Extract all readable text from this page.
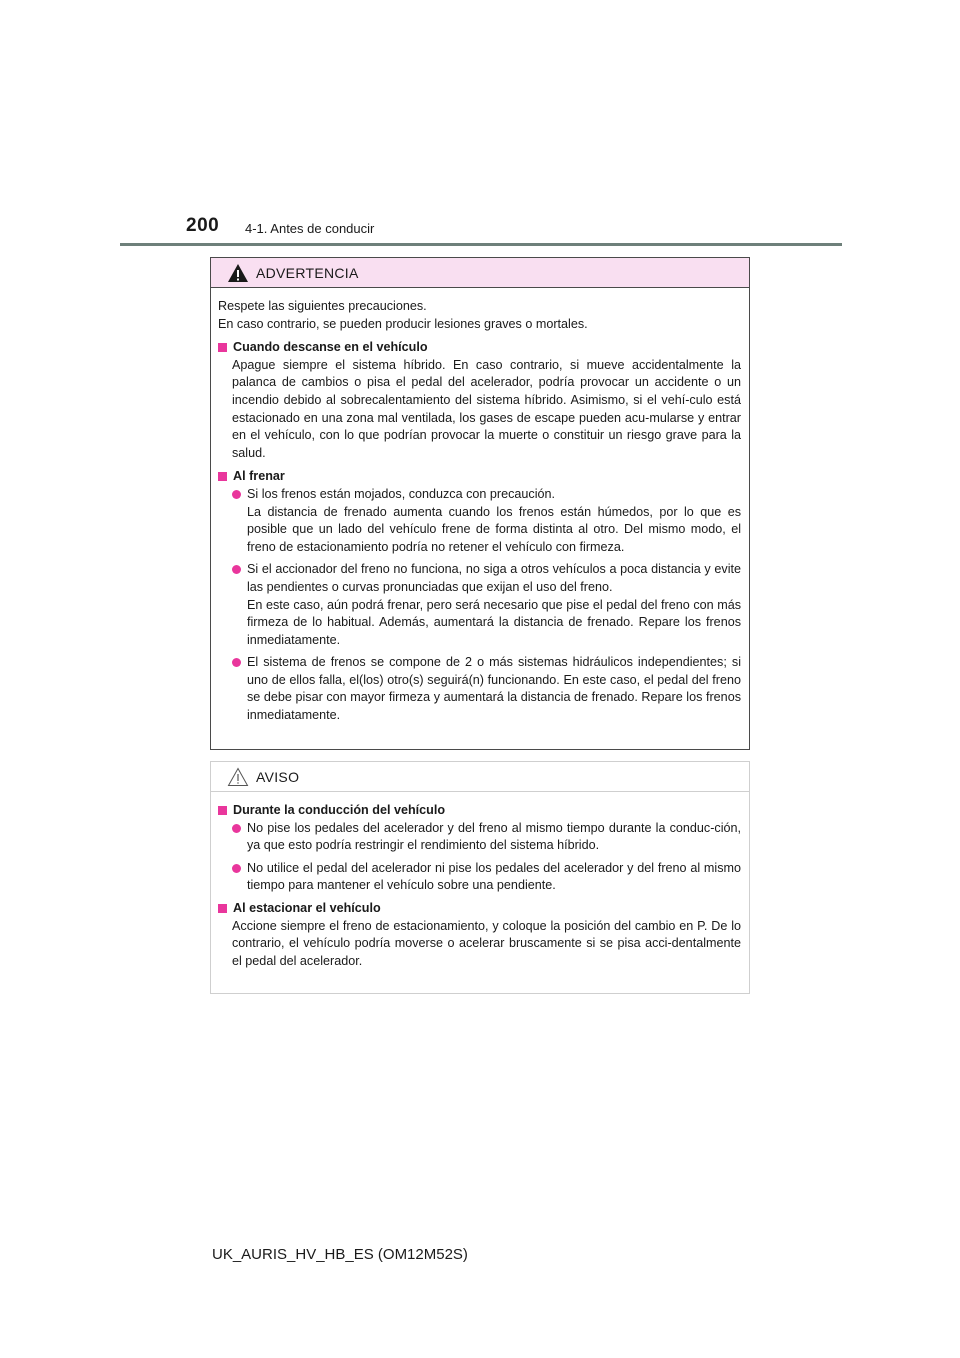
200 4-1. Antes de conducir
ADVERTENCIA

Respete las siguientes precauciones.

En caso contrario, se pueden producir lesiones graves o mortales.

Cuando descanse en el vehículo

Apague siempre el sistema híbrido. En caso contrario, si mueve accidentalmente la palanca de cambios o pisa el pedal del acelerador, podría provocar un accidente o un incendio debido al sobrecalentamiento del sistema híbrido. Asimismo, si el vehí-culo está estacionado en una zona mal ventilada, los gases de escape pueden acu-mularse y entrar en el vehículo, con lo que podrían provocar la muerte o constituir un riesgo grave para la salud.

Al frenar

Si los frenos están mojados, conduzca con precaución.

La distancia de frenado aumenta cuando los frenos están húmedos, por lo que es posible que un lado del vehículo frene de forma distinta al otro. Del mismo modo, el freno de estacionamiento podría no retener el vehículo con firmeza.

Si el accionador del freno no funciona, no siga a otros vehículos a poca distancia y evite las pendientes o curvas pronunciadas que exijan el uso del freno.

En este caso, aún podrá frenar, pero será necesario que pise el pedal del freno con más firmeza de lo habitual. Además, aumentará la distancia de frenado. Repare los frenos inmediatamente.

El sistema de frenos se compone de 2 o más sistemas hidráulicos independientes; si uno de ellos falla, el(los) otro(s) seguirá(n) funcionando. En este caso, el pedal del freno se debe pisar con mayor firmeza y aumentará la distancia de frenado. Repare los frenos inmediatamente.

AVISO

Durante la conducción del vehículo

No pise los pedales del acelerador y del freno al mismo tiempo durante la conduc-ción, ya que esto podría restringir el rendimiento del sistema híbrido.

No utilice el pedal del acelerador ni pise los pedales del acelerador y del freno al mismo tiempo para mantener el vehículo sobre una pendiente.

Al estacionar el vehículo

Accione siempre el freno de estacionamiento, y coloque la posición del cambio en P. De lo contrario, el vehículo podría moverse o acelerar bruscamente si se pisa acci-dentalmente el pedal del acelerador.

UK_AURIS_HV_HB_ES (OM12M52S)
